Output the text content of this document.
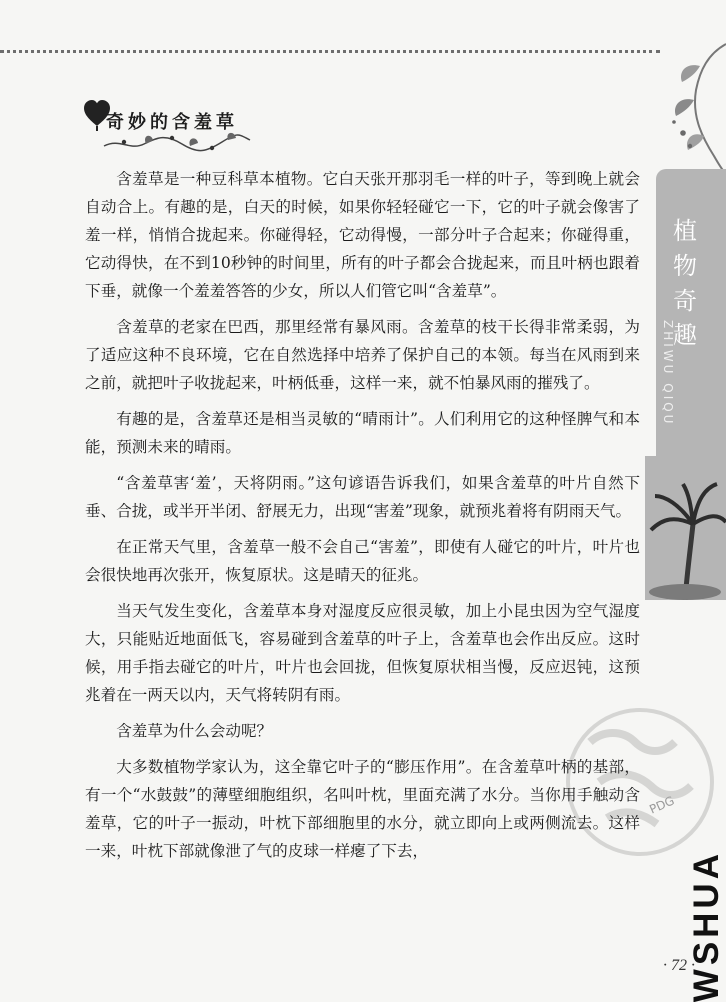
奇妙的含羞草
植
物
奇
趣
ZHIWU QIQU

含羞草是一种豆科草本植物。它白天张开那羽毛一样的叶子，等到晚上就会自动合上。有趣的是，白天的时候，如果你轻轻碰它一下，它的叶子就会像害了羞一样，悄悄合拢起来。你碰得轻，它动得慢，一部分叶子合起来；你碰得重，它动得快，在不到10秒钟的时间里，所有的叶子都会合拢起来，而且叶柄也跟着下垂，就像一个羞羞答答的少女，所以人们管它叫“含羞草”。

含羞草的老家在巴西，那里经常有暴风雨。含羞草的枝干长得非常柔弱，为了适应这种不良环境，它在自然选择中培养了保护自己的本领。每当在风雨到来之前，就把叶子收拢起来，叶柄低垂，这样一来，就不怕暴风雨的摧残了。

有趣的是，含羞草还是相当灵敏的“晴雨计”。人们利用它的这种怪脾气和本能，预测未来的晴雨。

“含羞草害‘羞’，天将阴雨。”这句谚语告诉我们，如果含羞草的叶片自然下垂、合拢，或半开半闭、舒展无力，出现“害羞”现象，就预兆着将有阴雨天气。

在正常天气里，含羞草一般不会自己“害羞”，即使有人碰它的叶片，叶片也会很快地再次张开，恢复原状。这是晴天的征兆。

当天气发生变化，含羞草本身对湿度反应很灵敏，加上小昆虫因为空气湿度大，只能贴近地面低飞，容易碰到含羞草的叶子上，含羞草也会作出反应。这时候，用手指去碰它的叶片，叶片也会回拢，但恢复原状相当慢，反应迟钝，这预兆着在一两天以内，天气将转阴有雨。

含羞草为什么会动呢？

大多数植物学家认为，这全靠它叶子的“膨压作用”。在含羞草叶柄的基部，有一个“水鼓鼓”的薄壁细胞组织，名叫叶枕，里面充满了水分。当你用手触动含羞草，它的叶子一振动，叶枕下部细胞里的水分，就立即向上或两侧流去。这样一来，叶枕下部就像泄了气的皮球一样瘪了下去，

PDG
WSHUA
· 72 ·
